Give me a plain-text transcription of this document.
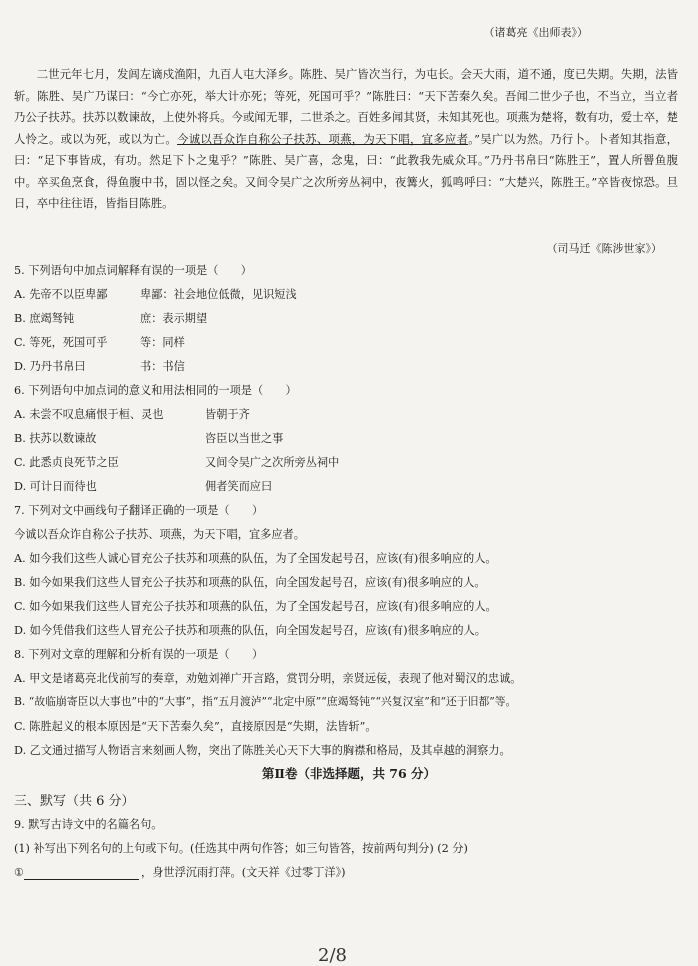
（诸葛亮《出师表》）
二世元年七月，发闾左谪戍渔阳，九百人屯大泽乡。陈胜、吴广皆次当行，为屯长。会天大雨，道不通，度已失期。失期，法皆斩。陈胜、吴广乃谋曰：“今亡亦死，举大计亦死；等死，死国可乎？”陈胜曰：“天下苦秦久矣。吾闻二世少子也，不当立，当立者乃公子扶苏。扶苏以数谏故，上使外将兵。今或闻无罪，二世杀之。百姓多闻其贤，未知其死也。项燕为楚将，数有功，爱士卒，楚人怜之。或以为死，或以为亡。今诚以吾众诈自称公子扶苏、项燕，为天下唱，宜多应者。”吴广以为然。乃行卜。卜者知其指意，曰：“足下事皆成，有功。然足下卜之鬼乎？”陈胜、吴广喜，念鬼，曰：“此教我先威众耳。”乃丹书帛曰“陈胜王”，置人所罾鱼腹中。卒买鱼烹食，得鱼腹中书，固以怪之矣。又间令吴广之次所旁丛祠中，夜篝火，狐鸣呼曰：“大楚兴，陈胜王。”卒皆夜惊恐。旦日，卒中往往语，皆指目陈胜。
（司马迁《陈涉世家》）
5. 下列语句中加点词解释有误的一项是（　　）
A. 先帝不以臣卑鄙	卑鄙：社会地位低微，见识短浅
B. 庶竭驽钝	庶：表示期望
C. 等死，死国可乎	等：同样
D. 乃丹书帛曰	书：书信
6. 下列语句中加点词的意义和用法相同的一项是（　　）
A. 未尝不叹息痛恨于桓、灵也	皆朝于齐
B. 扶苏以数谏故	咨臣以当世之事
C. 此悉贞良死节之臣	又间令吴广之次所旁丛祠中
D. 可计日而待也	佣者笑而应曰
7. 下列对文中画线句子翻译正确的一项是（　　）
今诚以吾众诈自称公子扶苏、项燕，为天下唱，宜多应者。
A. 如今我们这些人诚心冒充公子扶苏和项燕的队伍，为了全国发起号召，应该(有)很多响应的人。
B. 如今如果我们这些人冒充公子扶苏和项燕的队伍，向全国发起号召，应该(有)很多响应的人。
C. 如今如果我们这些人冒充公子扶苏和项燕的队伍，为了全国发起号召，应该(有)很多响应的人。
D. 如今凭借我们这些人冒充公子扶苏和项燕的队伍，向全国发起号召，应该(有)很多响应的人。
8. 下列对文章的理解和分析有误的一项是（　　）
A. 甲文是诸葛亮北伐前写的奏章，劝勉刘禅广开言路，赏罚分明，亲贤远佞，表现了他对蜀汉的忠诚。
B. “故临崩寄臣以大事也”中的“大事”，指“五月渡泸”“北定中原”“庶竭驽钝”“兴复汉室”和“还于旧都”等。
C. 陈胜起义的根本原因是“天下苦秦久矣”，直接原因是“失期，法皆斩”。
D. 乙文通过描写人物语言来刻画人物，突出了陈胜关心天下大事的胸襟和格局，及其卓越的洞察力。
第Ⅱ卷（非选择题，共 76 分）
三、默写（共 6 分）
9. 默写古诗文中的名篇名句。
(1) 补写出下列名句的上句或下句。(任选其中两句作答；如三句皆答，按前两句判分) (2 分)
①	，身世浮沉雨打萍。(文天祥《过零丁洋》)
2/8
